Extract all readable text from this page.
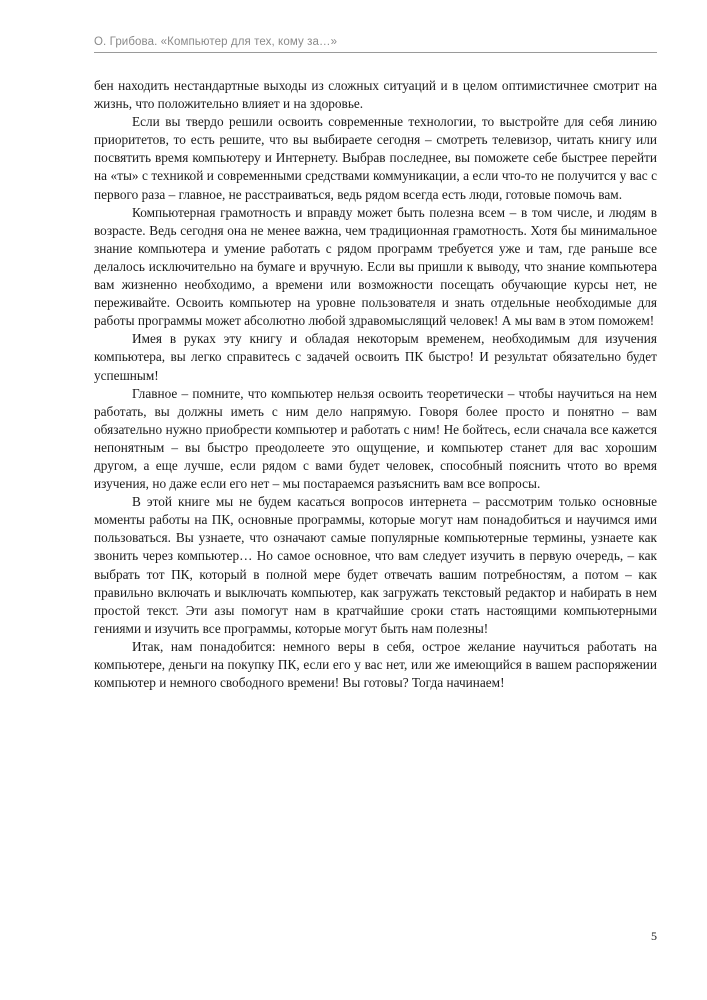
О. Грибова. «Компьютер для тех, кому за…»

бен находить нестандартные выходы из сложных ситуаций и в целом оптимистичнее смотрит на жизнь, что положительно влияет и на здоровье.

Если вы твердо решили освоить современные технологии, то выстройте для себя линию приоритетов, то есть решите, что вы выбираете сегодня – смотреть телевизор, читать книгу или посвятить время компьютеру и Интернету. Выбрав последнее, вы поможете себе быстрее перейти на «ты» с техникой и современными средствами коммуникации, а если что-то не получится у вас с первого раза – главное, не расстраиваться, ведь рядом всегда есть люди, готовые помочь вам.

Компьютерная грамотность и вправду может быть полезна всем – в том числе, и людям в возрасте. Ведь сегодня она не менее важна, чем традиционная грамотность. Хотя бы минимальное знание компьютера и умение работать с рядом программ требуется уже и там, где раньше все делалось исключительно на бумаге и вручную. Если вы пришли к выводу, что знание компьютера вам жизненно необходимо, а времени или возможности посещать обучающие курсы нет, не переживайте. Освоить компьютер на уровне пользователя и знать отдельные необходимые для работы программы может абсолютно любой здравомыслящий человек! А мы вам в этом поможем!

Имея в руках эту книгу и обладая некоторым временем, необходимым для изучения компьютера, вы легко справитесь с задачей освоить ПК быстро! И результат обязательно будет успешным!

Главное – помните, что компьютер нельзя освоить теоретически – чтобы научиться на нем работать, вы должны иметь с ним дело напрямую. Говоря более просто и понятно – вам обязательно нужно приобрести компьютер и работать с ним! Не бойтесь, если сначала все кажется непонятным – вы быстро преодолеете это ощущение, и компьютер станет для вас хорошим другом, а еще лучше, если рядом с вами будет человек, способный пояснить чтото во время изучения, но даже если его нет – мы постараемся разъяснить вам все вопросы.

В этой книге мы не будем касаться вопросов интернета – рассмотрим только основные моменты работы на ПК, основные программы, которые могут нам понадобиться и научимся ими пользоваться. Вы узнаете, что означают самые популярные компьютерные термины, узнаете как звонить через компьютер… Но самое основное, что вам следует изучить в первую очередь, – как выбрать тот ПК, который в полной мере будет отвечать вашим потребностям, а потом – как правильно включать и выключать компьютер, как загружать текстовый редактор и набирать в нем простой текст. Эти азы помогут нам в кратчайшие сроки стать настоящими компьютерными гениями и изучить все программы, которые могут быть нам полезны!

Итак, нам понадобится: немного веры в себя, острое желание научиться работать на компьютере, деньги на покупку ПК, если его у вас нет, или же имеющийся в вашем распоряжении компьютер и немного свободного времени! Вы готовы? Тогда начинаем!

5
